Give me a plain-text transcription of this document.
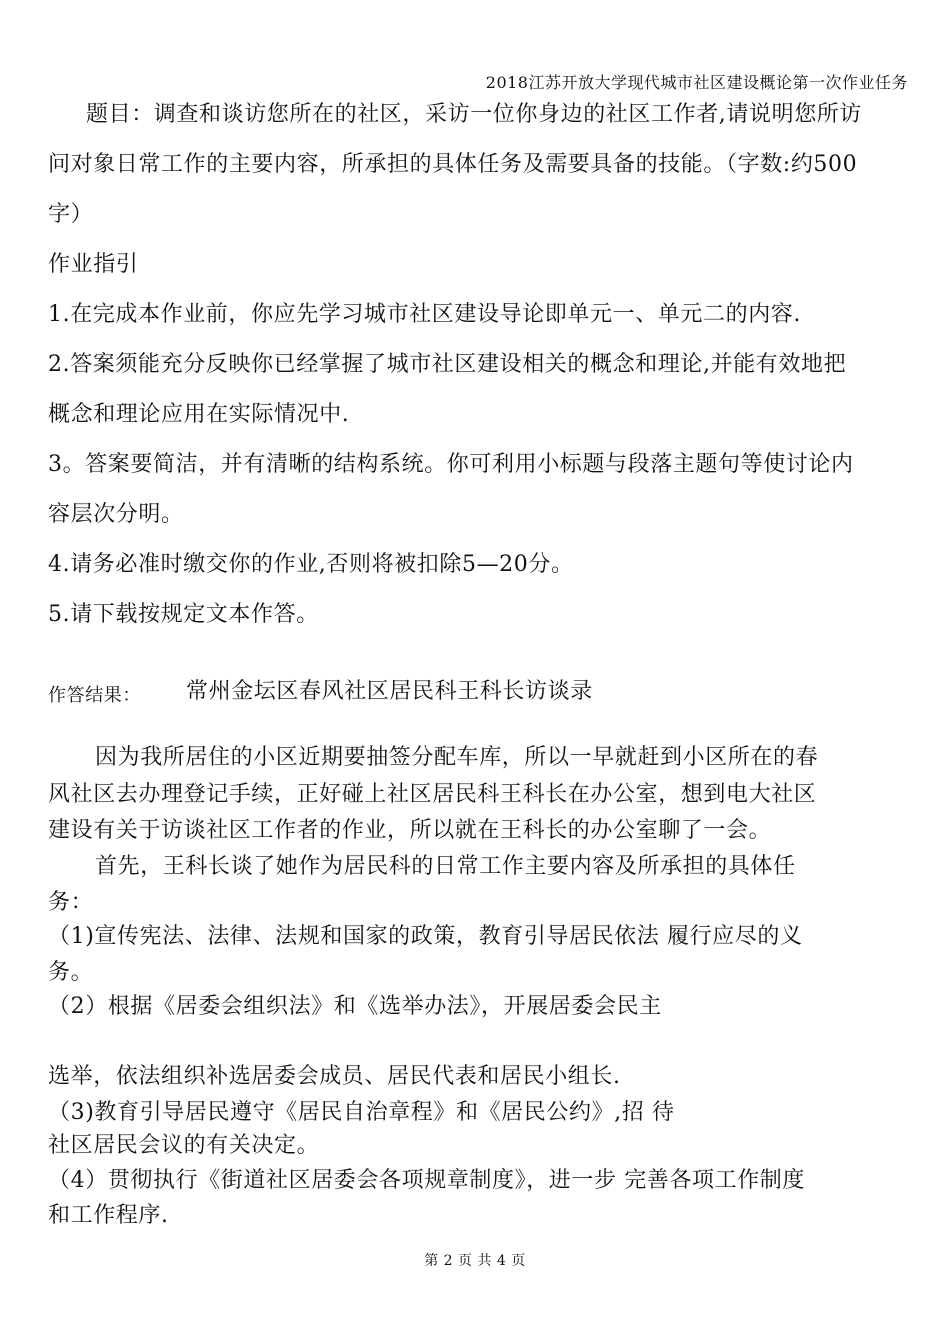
2018江苏开放大学现代城市社区建设概论第一次作业任务
题目：调查和谈访您所在的社区，采访一位你身边的社区工作者,请说明您所访
问对象日常工作的主要内容，所承担的具体任务及需要具备的技能。（字数:约500
字）
作业指引
1.在完成本作业前，你应先学习城市社区建设导论即单元一、单元二的内容.
2.答案须能充分反映你已经掌握了城市社区建设相关的概念和理论,并能有效地把
概念和理论应用在实际情况中.
3。答案要简洁，并有清晰的结构系统。你可利用小标题与段落主题句等使讨论内
容层次分明。
4.请务必准时缴交你的作业,否则将被扣除5—20分。
5.请下载按规定文本作答。
作答结果： 常州金坛区春风社区居民科王科长访谈录
因为我所居住的小区近期要抽签分配车库，所以一早就赶到小区所在的春
风社区去办理登记手续，正好碰上社区居民科王科长在办公室，想到电大社区
建设有关于访谈社区工作者的作业，所以就在王科长的办公室聊了一会。
首先，王科长谈了她作为居民科的日常工作主要内容及所承担的具体任
务：
（1)宣传宪法、法律、法规和国家的政策，教育引导居民依法 履行应尽的义
务。
（2）根据《居委会组织法》和《选举办法》，开展居委会民主
选举，依法组织补选居委会成员、居民代表和居民小组长.
（3)教育引导居民遵守《居民自治章程》和《居民公约》,招 待
社区居民会议的有关决定。
（4）贯彻执行《街道社区居委会各项规章制度》，进一步 完善各项工作制度
和工作程序.
第 2 页 共 4 页
